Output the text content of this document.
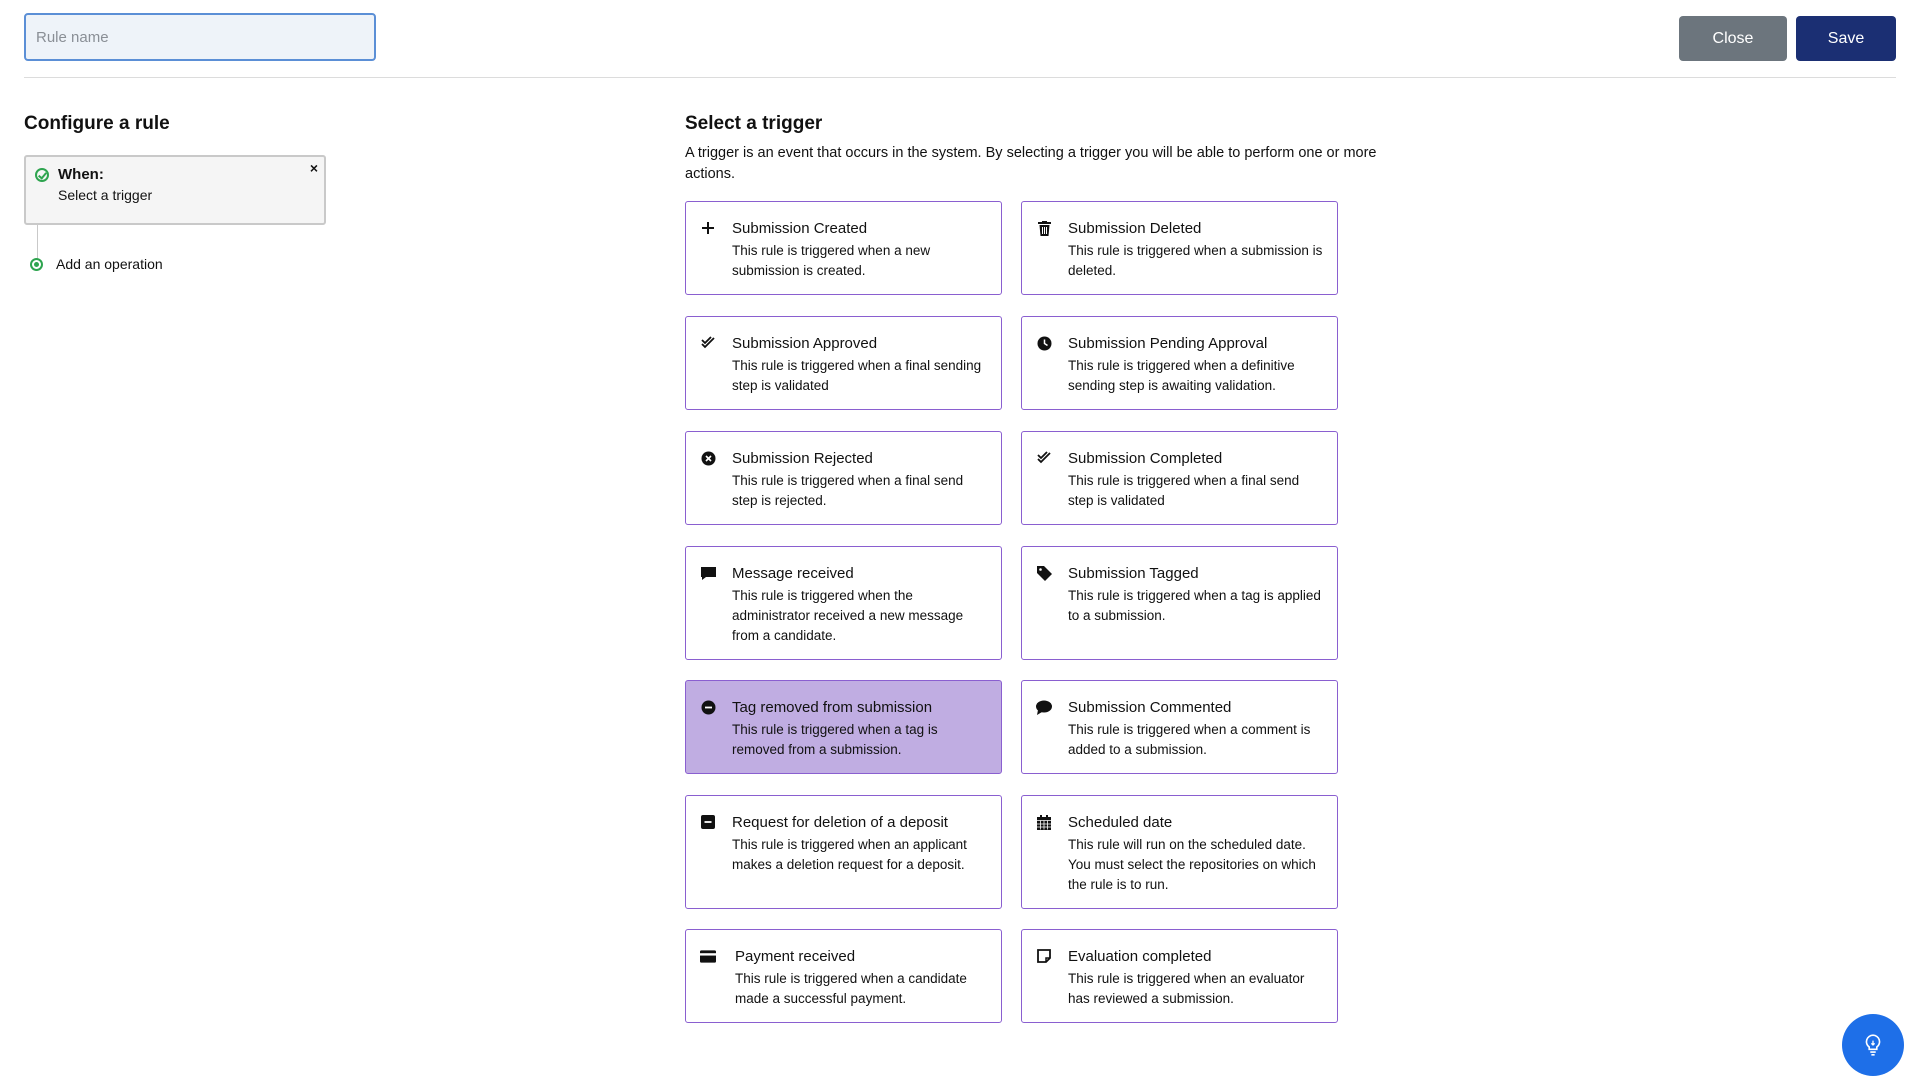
Rule name
Close	Save
Configure a rule
When:
Select a trigger
×
Add an operation
Select a trigger

A trigger is an event that occurs in the system. By selecting a trigger you will be able to perform one or more actions.

Submission Created
This rule is triggered when a new submission is created.
Submission Deleted
This rule is triggered when a submission is deleted.
Submission Approved
This rule is triggered when a final sending step is validated
Submission Pending Approval
This rule is triggered when a definitive sending step is awaiting validation.
Submission Rejected
This rule is triggered when a final send step is rejected.
Submission Completed
This rule is triggered when a final send step is validated
Message received
This rule is triggered when the administrator received a new message from a candidate.
Submission Tagged
This rule is triggered when a tag is applied to a submission.
Tag removed from submission
This rule is triggered when a tag is removed from a submission.
Submission Commented
This rule is triggered when a comment is added to a submission.
Request for deletion of a deposit
This rule is triggered when an applicant makes a deletion request for a deposit.
Scheduled date
This rule will run on the scheduled date. You must select the repositories on which the rule is to run.
Payment received
This rule is triggered when a candidate made a successful payment.
Evaluation completed
This rule is triggered when an evaluator has reviewed a submission.
